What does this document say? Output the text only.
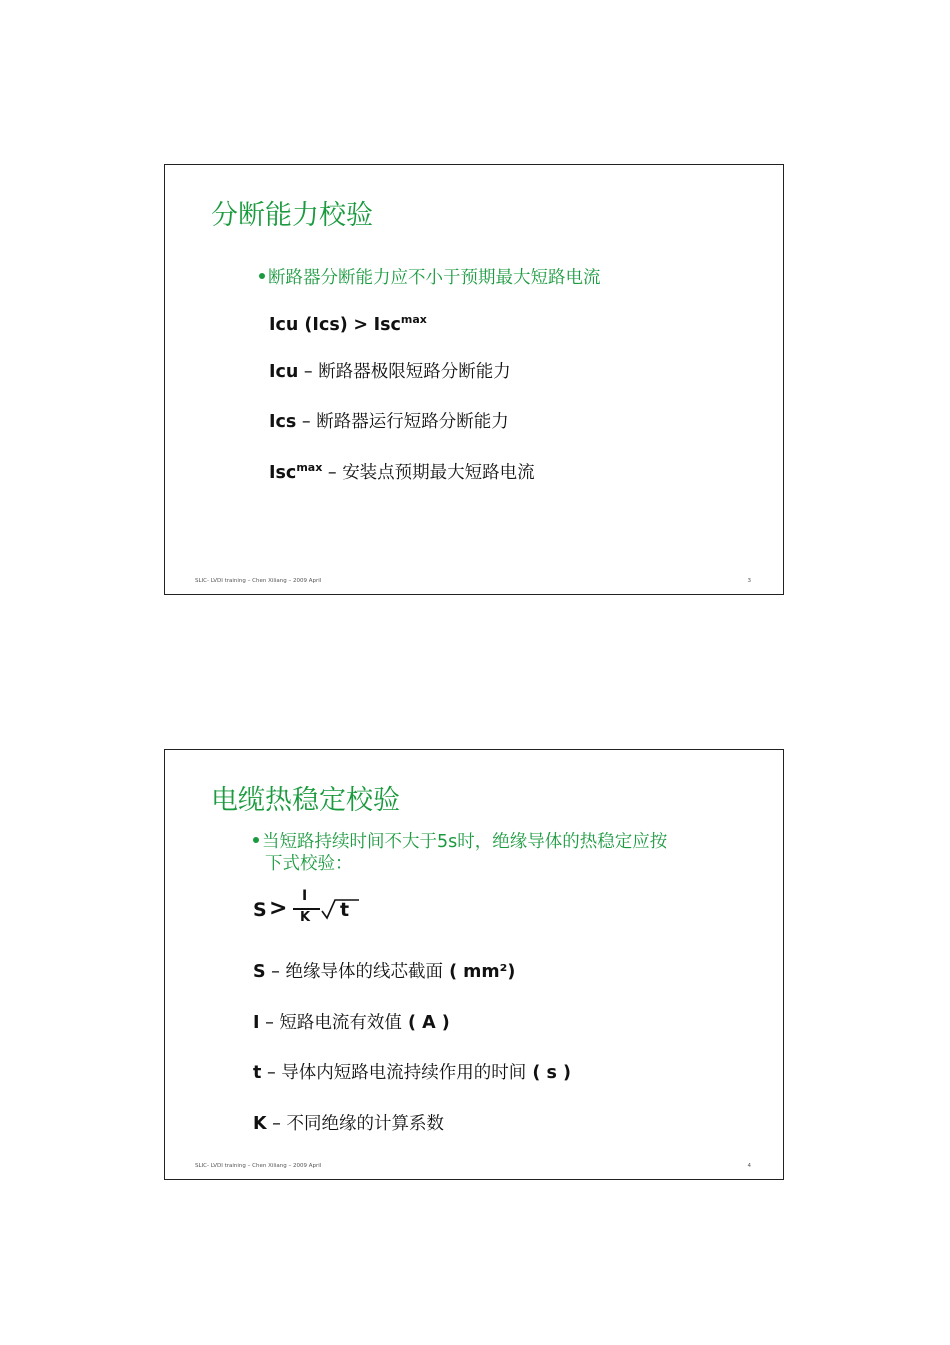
分断能力校验
断路器分断能力应不小于预期最大短路电流
Icu (Ics) > Isc$^{max}$
Icu – 断路器极限短路分断能力
Ics – 断路器运行短路分断能力
Isc$^{max}$ – 安装点预期最大短路电流
SLIC- LVDI training – Chen Xiliang – 2009 April	3
电缆热稳定校验
当短路持续时间不大于5s时，绝缘导体的热稳定应按
下式校验：
S > I
K t
S – 绝缘导体的线芯截面 ( mm²)
I – 短路电流有效值 ( A )
t – 导体内短路电流持续作用的时间 ( s )
K – 不同绝缘的计算系数
SLIC- LVDI training – Chen Xiliang – 2009 April	4
